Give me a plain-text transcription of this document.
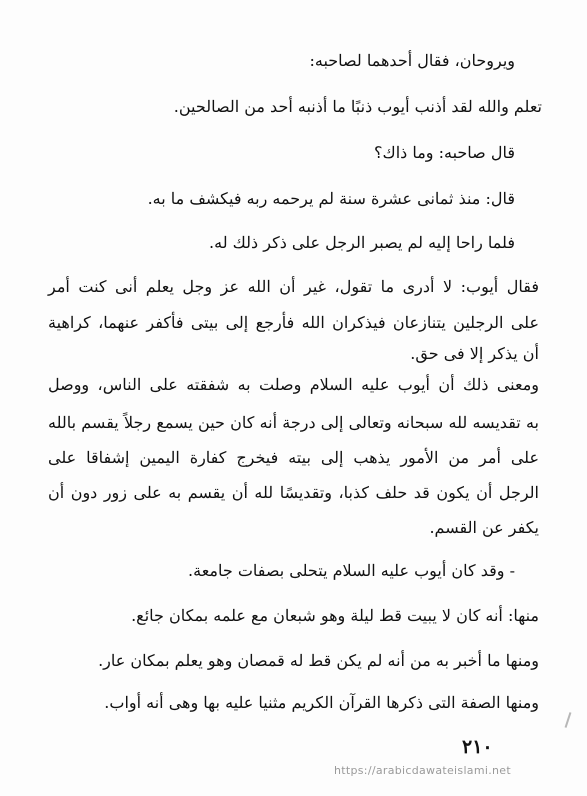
ويروحان، فقال أحدهما لصاحبه:
تعلم والله لقد أذنب أيوب ذنبًا ما أذنبه أحد من الصالحين.
قال صاحبه: وما ذاك؟
قال: منذ ثمانى عشرة سنة لم يرحمه ربه فيكشف ما به.
فلما راحا إليه لم يصبر الرجل على ذكر ذلك له.
فقال أيوب: لا أدرى ما تقول، غير أن الله عز وجل يعلم أنى كنت أمر
على الرجلين يتنازعان فيذكران الله فأرجع إلى بيتى فأكفر عنهما، كراهية
أن يذكر إلا فى حق.
ومعنى ذلك أن أيوب عليه السلام وصلت به شفقته على الناس، ووصل
به تقديسه لله سبحانه وتعالى إلى درجة أنه كان حين يسمع رجلاً يقسم بالله
على أمر من الأمور يذهب إلى بيته فيخرج كفارة اليمين إشفاقا على
الرجل أن يكون قد حلف كذبا، وتقديسًا لله أن يقسم به على زور دون أن
يكفر عن القسم.
- وقد كان أيوب عليه السلام يتحلى بصفات جامعة.
منها: أنه كان لا يبيت قط ليلة وهو شبعان مع علمه بمكان جائع.
ومنها ما أخبر به من أنه لم يكن قط له قمصان وهو يعلم بمكان عار.
ومنها الصفة التى ذكرها القرآن الكريم مثنيا عليه بها وهى أنه أواب.
٢١٠
https://arabicdawateislami.net
